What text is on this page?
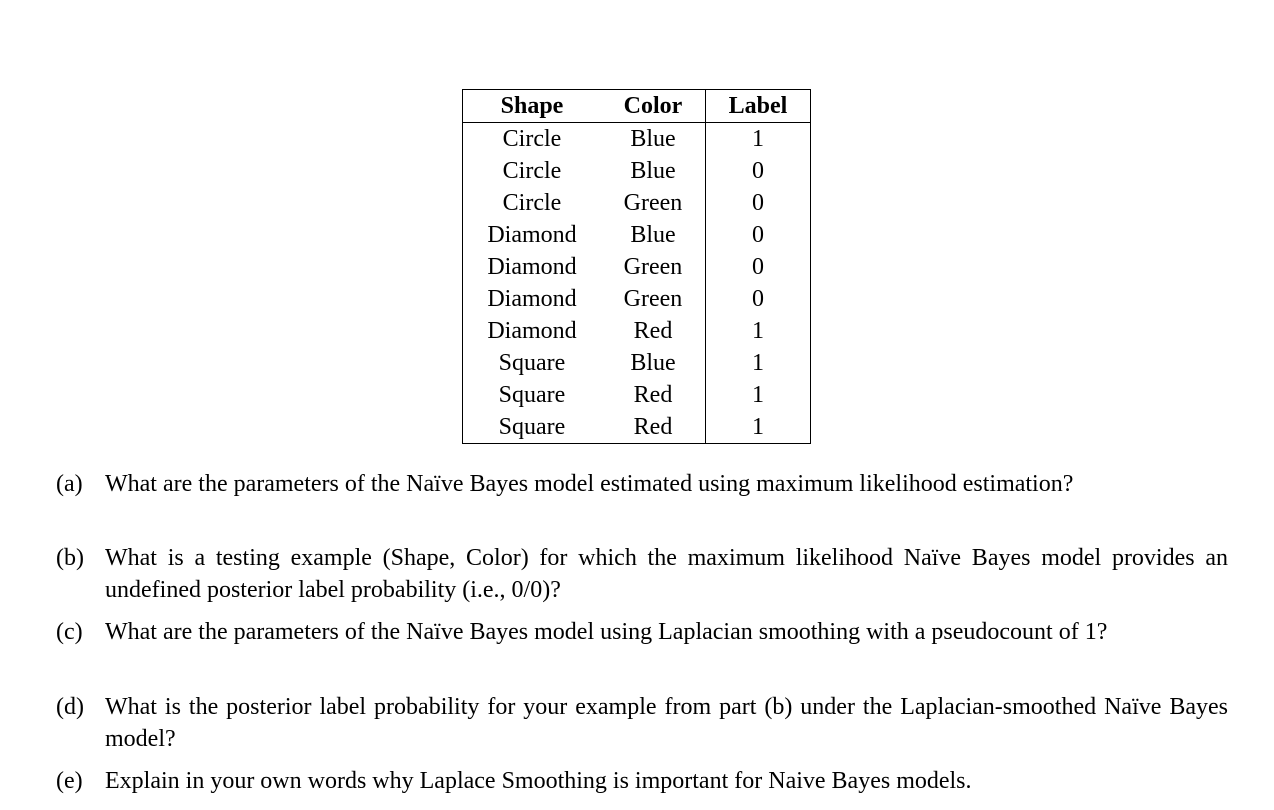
Shape	Color	Label
Circle	Blue	1
Circle	Blue	0
Circle	Green	0
Diamond	Blue	0
Diamond	Green	0
Diamond	Green	0
Diamond	Red	1
Square	Blue	1
Square	Red	1
Square	Red	1
(a) What are the parameters of the Naïve Bayes model estimated using maximum likelihood estimation?
(b) What is a testing example (Shape, Color) for which the maximum likelihood Naïve Bayes model provides an undefined posterior label probability (i.e., 0/0)?
(c) What are the parameters of the Naïve Bayes model using Laplacian smoothing with a pseudocount of 1?
(d) What is the posterior label probability for your example from part (b) under the Laplacian-smoothed Naïve Bayes model?
(e) Explain in your own words why Laplace Smoothing is important for Naive Bayes models.
